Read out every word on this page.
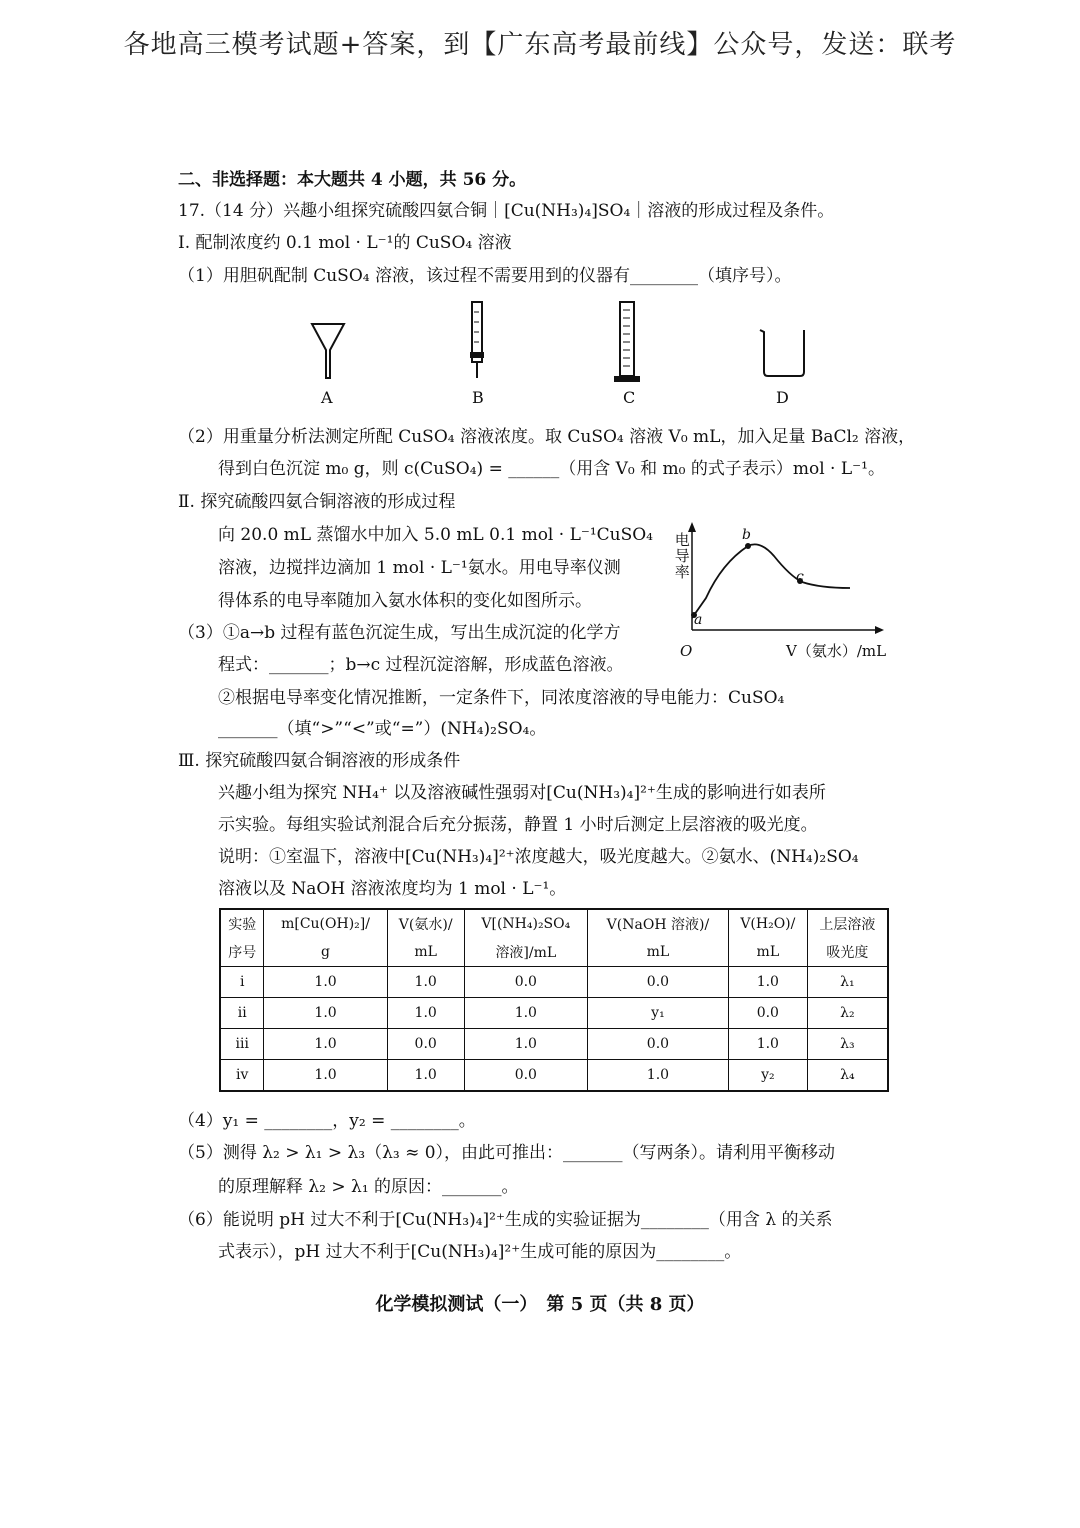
各地高三模考试题+答案，到【广东高考最前线】公众号，发送：联考
二、非选择题：本大题共 4 小题，共 56 分。
17.（14 分）兴趣小组探究硫酸四氨合铜｜[Cu(NH₃)₄]SO₄｜溶液的形成过程及条件。
Ⅰ. 配制浓度约 0.1 mol · L⁻¹的 CuSO₄ 溶液
（1）用胆矾配制 CuSO₄ 溶液，该过程不需要用到的仪器有________（填序号）。
A	B	C	D
（2）用重量分析法测定所配 CuSO₄ 溶液浓度。取 CuSO₄ 溶液 V₀ mL，加入足量 BaCl₂ 溶液，
得到白色沉淀 m₀ g，则 c(CuSO₄) = ______（用含 V₀ 和 m₀ 的式子表示）mol · L⁻¹。
Ⅱ. 探究硫酸四氨合铜溶液的形成过程
向 20.0 mL 蒸馏水中加入 5.0 mL 0.1 mol · L⁻¹CuSO₄
溶液，边搅拌边滴加 1 mol · L⁻¹氨水。用电导率仪测
得体系的电导率随加入氨水体积的变化如图所示。
电导率
O	V（氨水）/mL
a
b
c
（3）①a→b 过程有蓝色沉淀生成，写出生成沉淀的化学方
程式：_______；b→c 过程沉淀溶解，形成蓝色溶液。
②根据电导率变化情况推断，一定条件下，同浓度溶液的导电能力：CuSO₄
_______（填“>”“<”或“=”）(NH₄)₂SO₄。
Ⅲ. 探究硫酸四氨合铜溶液的形成条件
兴趣小组为探究 NH₄⁺ 以及溶液碱性强弱对[Cu(NH₃)₄]²⁺生成的影响进行如表所
示实验。每组实验试剂混合后充分振荡，静置 1 小时后测定上层溶液的吸光度。
说明：①室温下，溶液中[Cu(NH₃)₄]²⁺浓度越大，吸光度越大。②氨水、(NH₄)₂SO₄
溶液以及 NaOH 溶液浓度均为 1 mol · L⁻¹。
实验	m[Cu(OH)₂]/	V(氨水)/	V[(NH₄)₂SO₄	V(NaOH 溶液)/	V(H₂O)/	上层溶液
序号	g	mL	溶液]/mL	mL	mL	吸光度
ⅰ	1.0	1.0	0.0	0.0	1.0	λ₁
ⅱ	1.0	1.0	1.0	y₁	0.0	λ₂
ⅲ	1.0	0.0	1.0	0.0	1.0	λ₃
ⅳ	1.0	1.0	0.0	1.0	y₂	λ₄
（4）y₁ = ________，y₂ = ________。
（5）测得 λ₂ > λ₁ > λ₃（λ₃ ≈ 0），由此可推出：_______（写两条）。请利用平衡移动
的原理解释 λ₂ > λ₁ 的原因：_______。
（6）能说明 pH 过大不利于[Cu(NH₃)₄]²⁺生成的实验证据为________（用含 λ 的关系
式表示），pH 过大不利于[Cu(NH₃)₄]²⁺生成可能的原因为________。
化学模拟测试（一）　第 5 页（共 8 页）
